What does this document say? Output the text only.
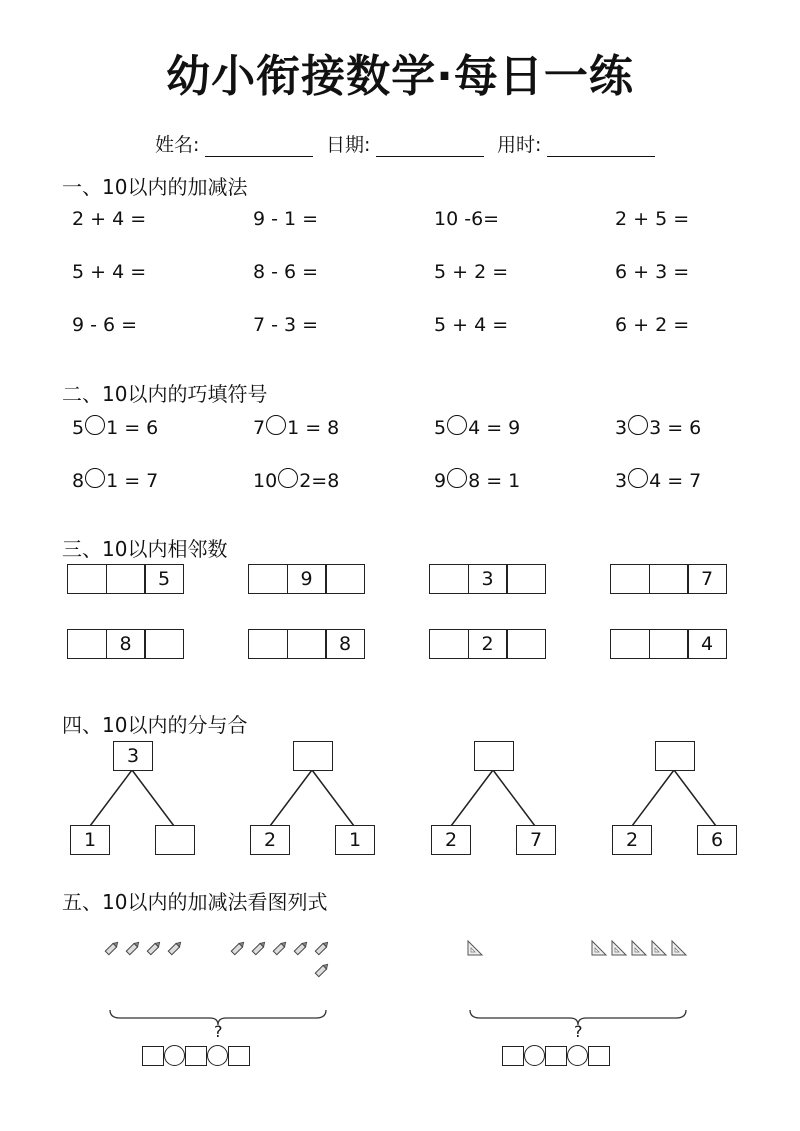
幼小衔接数学·每日一练
姓名:	日期:	用时:
一、10以内的加减法
2 + 4 =	9 - 1 =	10 -6=	2 + 5 =
5 + 4 =	8 - 6 =	5 + 2 =	6 + 3 =
9 - 6 =	7 - 3 =	5 + 4 =	6 + 2 =
二、10以内的巧填符号
5 1 = 6	7 1 = 8	5 4 = 9	3 3 = 6
8 1 = 7	10 2=8	9 8 = 1	3 4 = 7
三、10以内相邻数
5	9	3	7
8	8	2	4
四、10以内的分与合
3
1	2	1	2	7	2	6
五、10以内的加减法看图列式
?	?
